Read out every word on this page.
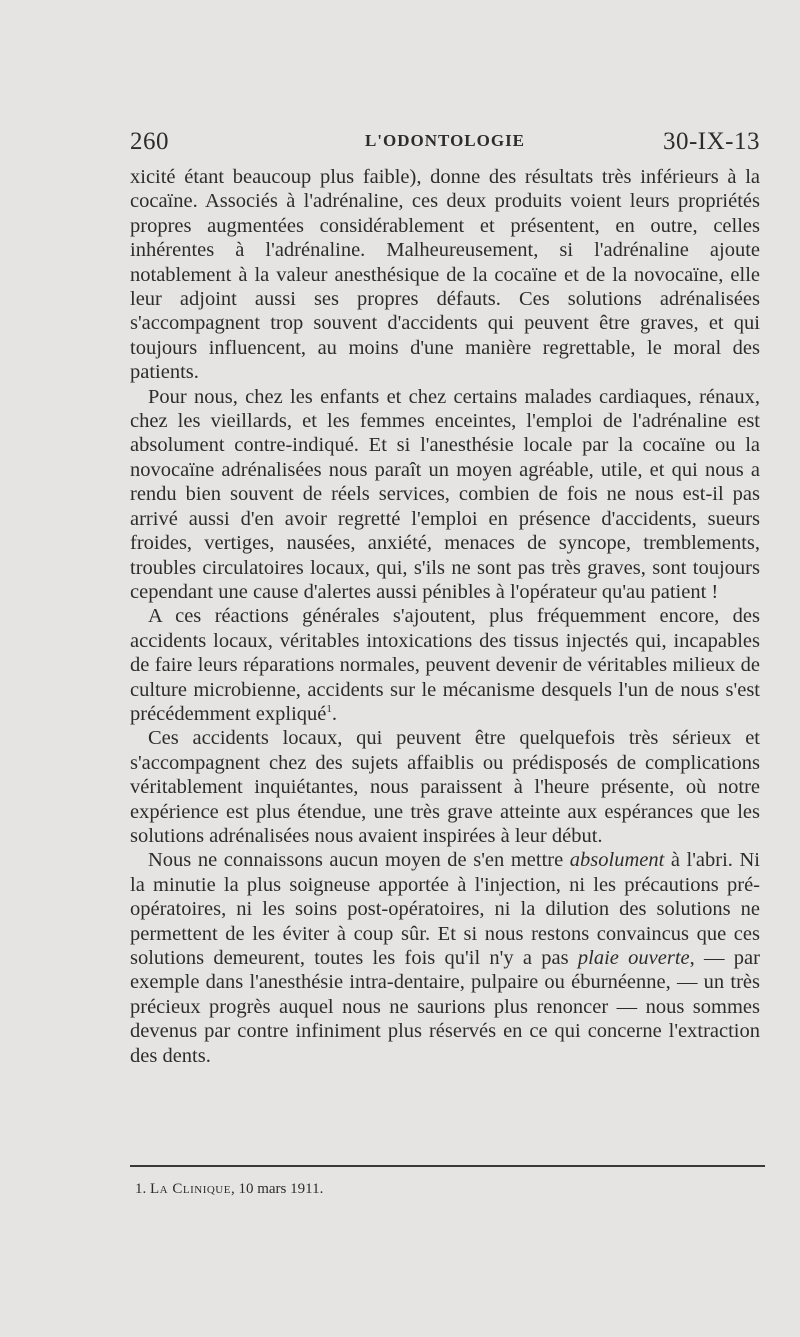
260	L'ODONTOLOGIE	30-IX-13

xicité étant beaucoup plus faible), donne des résultats très inférieurs à la cocaïne. Associés à l'adrénaline, ces deux produits voient leurs propriétés propres augmentées considérablement et présentent, en outre, celles inhérentes à l'adrénaline. Malheureusement, si l'adrénaline ajoute notablement à la valeur anesthésique de la cocaïne et de la novocaïne, elle leur adjoint aussi ses propres défauts. Ces solutions adrénalisées s'accompagnent trop souvent d'accidents qui peuvent être graves, et qui toujours influencent, au moins d'une manière regrettable, le moral des patients.

Pour nous, chez les enfants et chez certains malades cardiaques, rénaux, chez les vieillards, et les femmes enceintes, l'emploi de l'adrénaline est absolument contre-indiqué. Et si l'anesthésie locale par la cocaïne ou la novocaïne adrénalisées nous paraît un moyen agréable, utile, et qui nous a rendu bien souvent de réels services, combien de fois ne nous est-il pas arrivé aussi d'en avoir regretté l'emploi en présence d'accidents, sueurs froides, vertiges, nausées, anxiété, menaces de syncope, tremblements, troubles circulatoires locaux, qui, s'ils ne sont pas très graves, sont toujours cependant une cause d'alertes aussi pénibles à l'opérateur qu'au patient !

A ces réactions générales s'ajoutent, plus fréquemment encore, des accidents locaux, véritables intoxications des tissus injectés qui, incapables de faire leurs réparations normales, peuvent devenir de véritables milieux de culture microbienne, accidents sur le mécanisme desquels l'un de nous s'est précédemment expliqué$^1$.

Ces accidents locaux, qui peuvent être quelquefois très sérieux et s'accompagnent chez des sujets affaiblis ou prédisposés de complications véritablement inquiétantes, nous paraissent à l'heure présente, où notre expérience est plus étendue, une très grave atteinte aux espérances que les solutions adrénalisées nous avaient inspirées à leur début.

Nous ne connaissons aucun moyen de s'en mettre absolument à l'abri. Ni la minutie la plus soigneuse apportée à l'injection, ni les précautions pré-opératoires, ni les soins post-opératoires, ni la dilution des solutions ne permettent de les éviter à coup sûr. Et si nous restons convaincus que ces solutions demeurent, toutes les fois qu'il n'y a pas plaie ouverte, — par exemple dans l'anesthésie intra-dentaire, pulpaire ou éburnéenne, — un très précieux progrès auquel nous ne saurions plus renoncer — nous sommes devenus par contre infiniment plus réservés en ce qui concerne l'extraction des dents.

1. La Clinique, 10 mars 1911.
